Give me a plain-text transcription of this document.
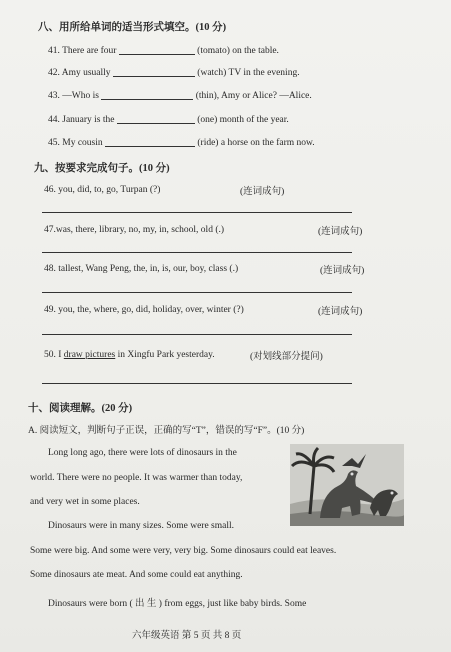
八、用所给单词的适当形式填空。(10 分)
41. There are four	(tomato) on the table.
42. Amy usually	(watch) TV in the evening.
43. —Who is	(thin), Amy or Alice? —Alice.
44. January is the	(one) month of the year.
45. My cousin	(ride) a horse on the farm now.
九、按要求完成句子。(10 分)
46. you, did, to, go, Turpan (?)	(连词成句)
47.was, there, library, no, my, in, school, old (.)	(连词成句)
48. tallest, Wang Peng, the, in, is, our, boy, class (.)	(连词成句)
49. you, the, where, go, did, holiday, over, winter (?)	(连词成句)
50. I draw pictures in Xingfu Park yesterday.	(对划线部分提问)
十、阅读理解。(20 分)
A. 阅读短文，判断句子正误，正确的写“T”，错误的写“F”。(10 分)
Long long ago, there were lots of dinosaurs in the
world. There were no people. It was warmer than today,
and very wet in some places.
Dinosaurs were in many sizes. Some were small.
Some were big. And some were very, very big. Some dinosaurs could eat leaves.
Some dinosaurs ate meat. And some could eat anything.
Dinosaurs were born ( 出 生 ) from eggs, just like baby birds. Some
六年级英语 第 5 页 共 8 页
